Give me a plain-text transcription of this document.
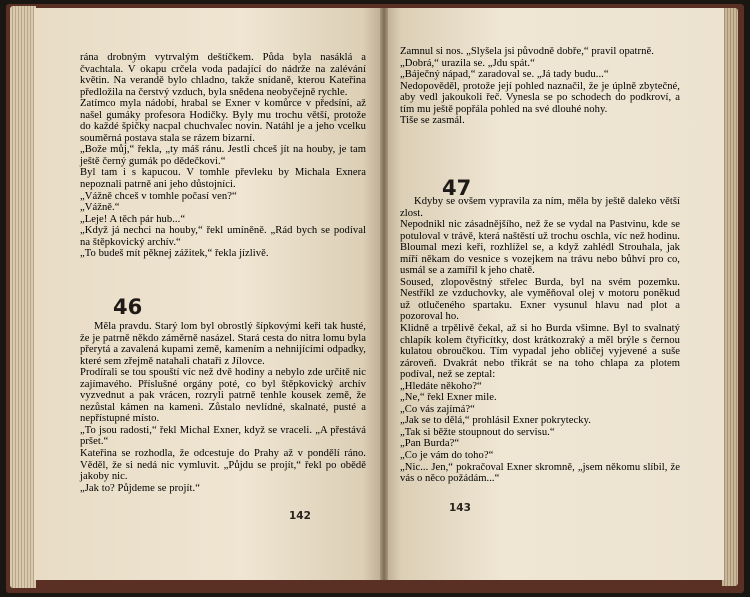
rána drobným vytrvalým deštíčkem. Půda byla nasáklá a čvachtala. V okapu crčela voda padající do nádrže na zalévání květin. Na verandě bylo chladno, takže snídaně, kterou Kateřina předložila na čerstvý vzduch, byla snědena neobyčejně rychle.

Zatímco myla nádobí, hrabal se Exner v komůrce v předsíni, až našel gumáky profesora Hodičky. Byly mu trochu větší, protože do každé špičky nacpal chuchvalec novin. Natáhl je a jeho vcelku souměrná postava stala se rázem bizarní.

„Bože můj,“ řekla, „ty máš ránu. Jestli chceš jít na houby, je tam ještě černý gumák po dědečkovi.“

Byl tam i s kapucou. V tomhle převleku by Michala Exnera nepoznali patrně ani jeho důstojníci.

„Vážně chceš v tomhle počasí ven?“

„Vážně.“

„Leje! A těch pár hub...“

„Když já nechci na houby,“ řekl umíněně. „Rád bych se podíval na štěpkovický archív.“

„To budeš mít pěknej zážitek,“ řekla jízlivě.

46

Měla pravdu. Starý lom byl obrostlý šípkovými keři tak husté, že je patrně někdo záměrně nasázel. Stará cesta do nitra lomu byla přerytá a zavalená kupami země, kamením a nehnijícími odpadky, které sem zřejmě natahali chataři z Jílovce.

Prodírali se tou spouští víc než dvě hodiny a nebylo zde určitě nic zajímavého. Příslušné orgány poté, co byl štěpkovický archív vyzvednut a pak vrácen, rozryli patrně tenhle kousek země, že nezůstal kámen na kameni. Zůstalo nevlídné, skalnaté, pusté a nepřístupné místo.

„To jsou radosti,“ řekl Michal Exner, když se vraceli. „A přestává pršet.“

Kateřina se rozhodla, že odcestuje do Prahy až v pondělí ráno. Věděl, že si nedá nic vymluvit. „Půjdu se projít,“ řekl po obědě jakoby nic.

„Jak to? Půjdeme se projít.“

142

Zamnul si nos. „Slyšela jsi původně dobře,“ pravil opatrně.

„Dobrá,“ urazila se. „Jdu spát.“

„Báječný nápad,“ zaradoval se. „Já tady budu...“

Nedopověděl, protože její pohled naznačil, že je úplně zbytečné, aby vedl jakoukoli řeč. Vynesla se po schodech do podkroví, a tím mu ještě popřála pohled na své dlouhé nohy.

Tiše se zasmál.

47

Kdyby se ovšem vypravila za ním, měla by ještě daleko větší zlost.

Nepodnikl nic zásadnějšího, než že se vydal na Pastvinu, kde se potuloval v trávě, která naštěstí už trochu oschla, víc než hodinu. Bloumal mezi keři, rozhlížel se, a když zahlédl Strouhala, jak míří někam do vesnice s vozejkem na trávu nebo bůhví pro co, usmál se a zamířil k jeho chatě.

Soused, zlopověstný střelec Burda, byl na svém pozemku. Nestříkl ze vzduchovky, ale vyměňoval olej v motoru poněkud už otlučeného spartaku. Exner vysunul hlavu nad plot a pozoroval ho.

Klidně a trpělivě čekal, až si ho Burda všimne. Byl to svalnatý chlapík kolem čtyřicítky, dost krátkozraký a měl brýle s černou kulatou obroučkou. Tím vypadal jeho obličej vyjevené a suše zároveň. Dvakrát nebo třikrát se na toho chlapa za plotem podíval, než se zeptal:

„Hledáte někoho?“

„Ne,“ řekl Exner mile.

„Co vás zajímá?“

„Jak se to dělá,“ prohlásil Exner pokrytecky.

„Tak si běžte stoupnout do servisu.“

„Pan Burda?“

„Co je vám do toho?“

„Nic... Jen,“ pokračoval Exner skromně, „jsem někomu slíbil, že vás o něco požádám...“

143
